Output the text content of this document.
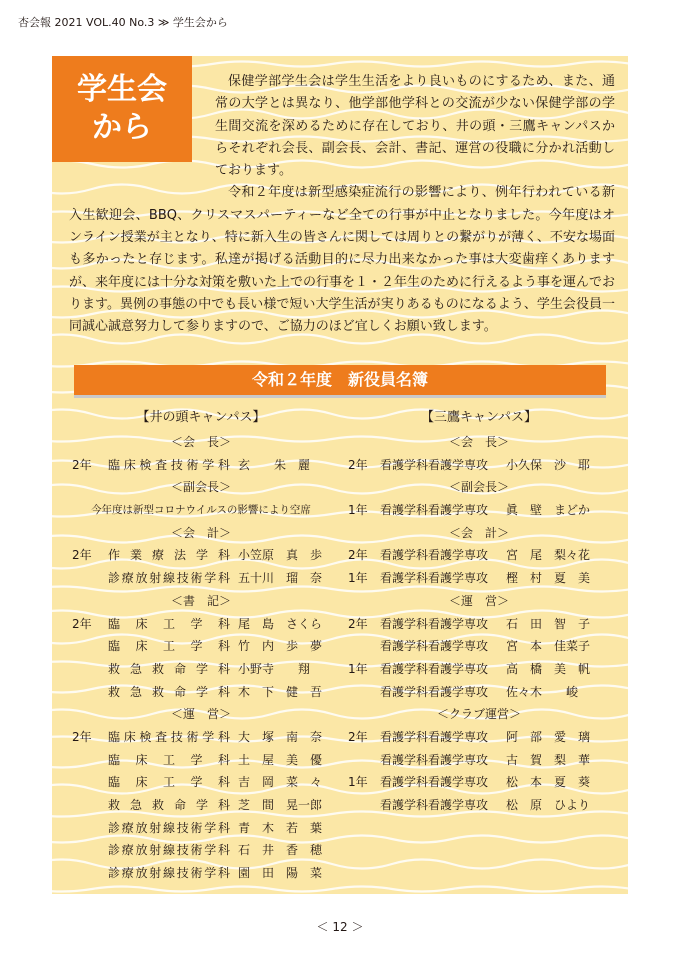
杏会報 2021 VOL.40 No.3 ≫ 学生会から
学生会
から

保健学部学生会は学生生活をより良いものにするため、また、通常の大学とは異なり、他学部他学科との交流が少ない保健学部の学生間交流を深めるために存在しており、井の頭・三鷹キャンパスからそれぞれ会長、副会長、会計、書記、運営の役職に分かれ活動しております。

令和２年度は新型感染症流行の影響により、例年行われている新入生歓迎会、BBQ、クリスマスパーティーなど全ての行事が中止となりました。今年度はオンライン授業が主となり、特に新入生の皆さんに関しては周りとの繋がりが薄く、不安な場面も多かったと存じます。私達が掲げる活動目的に尽力出来なかった事は大変歯痒くありますが、来年度には十分な対策を敷いた上での行事を１・２年生のために行えるよう事を運んでおります。異例の事態の中でも長い様で短い大学生活が実りあるものになるよう、学生会役員一同誠心誠意努力して参りますので、ご協力のほど宜しくお願い致します。

令和２年度　新役員名簿
【井の頭キャンパス】
＜会　長＞
2年	臨床検査技術学科 玄　　朱　麗
＜副会長＞
今年度は新型コロナウイルスの影響により空席
＜会　計＞
2年	作業療法学科 小笠原　真　歩
診療放射線技術学科 五十川　瑠　奈
＜書　記＞
2年	臨床工学科 尾　島　さくら
臨床工学科 竹　内　歩　夢
救急救命学科 小野寺　　翔
救急救命学科 木　下　健　吾
＜運　営＞
2年	臨床検査技術学科 大　塚　南　奈
臨床工学科 土　屋　美　優
臨床工学科 吉　岡　菜　々
救急救命学科 芝　間　晃一郎
診療放射線技術学科 青　木　若　葉
診療放射線技術学科 石　井　香　穂
診療放射線技術学科 園　田　陽　菜
【三鷹キャンパス】
＜会　長＞
2年	看護学科看護学専攻	小久保　沙　耶
＜副会長＞
1年	看護学科看護学専攻	眞　壁　まどか
＜会　計＞
2年	看護学科看護学専攻	宮　尾　梨々花
1年	看護学科看護学専攻	樫　村　夏　美
＜運　営＞
2年	看護学科看護学専攻	石　田　智　子
看護学科看護学専攻	宮　本　佳菜子
1年	看護学科看護学専攻	高　橋　美　帆
看護学科看護学専攻	佐々木　　峻
＜クラブ運営＞
2年	看護学科看護学専攻	阿　部　愛　璃
看護学科看護学専攻	古　賀　梨　華
1年	看護学科看護学専攻	松　本　夏　葵
看護学科看護学専攻	松　原　ひより
＜ 12 ＞
